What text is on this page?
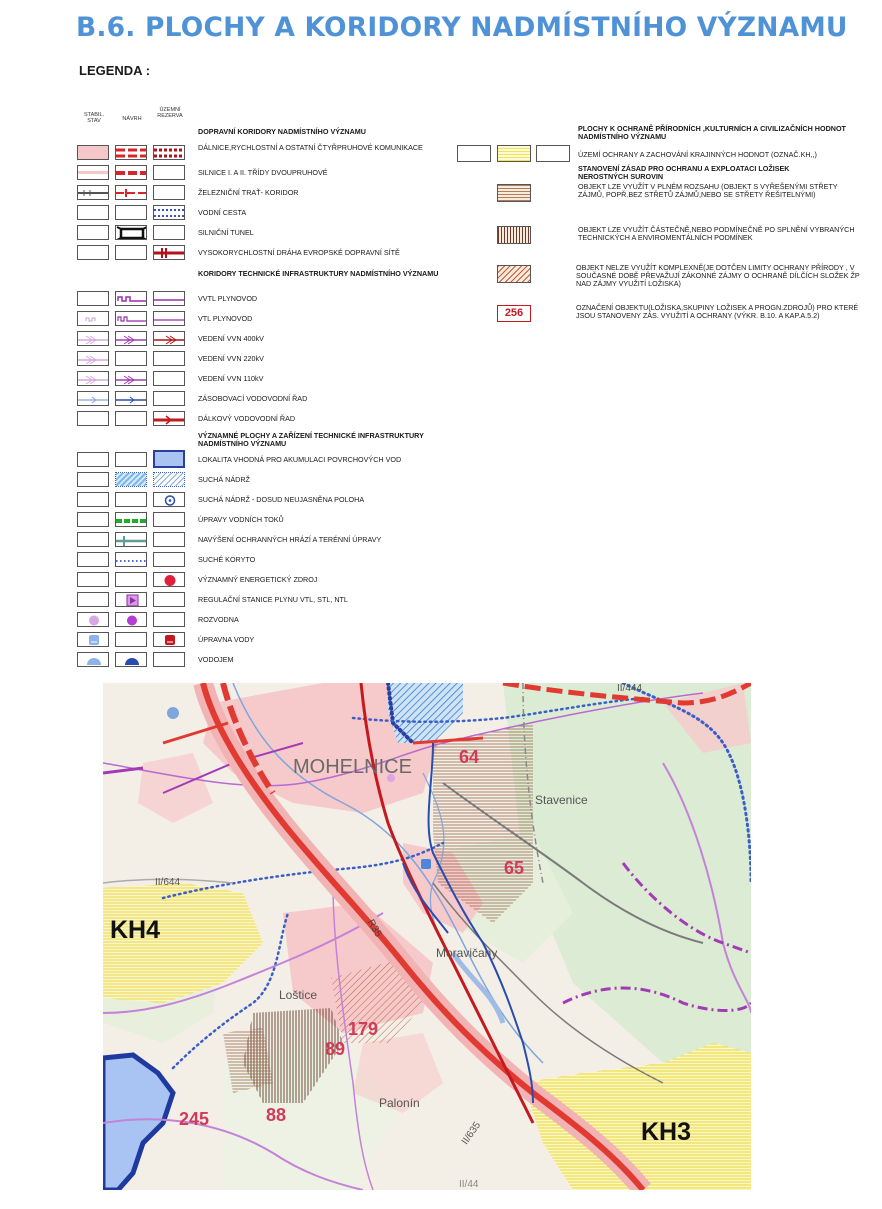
B.6. PLOCHY A KORIDORY NADMÍSTNÍHO VÝZNAMU
LEGENDA :
STABIL. STAV	NÁVRH
ÚZEMNÍ REZERVA
DOPRAVNÍ KORIDORY NADMÍSTNÍHO VÝZNAMU
KORIDORY TECHNICKÉ INFRASTRUKTURY NADMÍSTNÍHO VÝZNAMU
VÝZNAMNÉ PLOCHY A ZAŘÍZENÍ TECHNICKÉ INFRASTRUKTURY NADMÍSTNÍHO VÝZNAMU
DÁLNICE,RYCHLOSTNÍ A OSTATNÍ ČTYŘPRUHOVÉ KOMUNIKACE
SILNICE I. A II. TŘÍDY DVOUPRUHOVÉ
ŽELEZNIČNÍ TRAŤ- KORIDOR
VODNÍ CESTA
SILNIČNÍ TUNEL
VYSOKORYCHLOSTNÍ DRÁHA EVROPSKÉ DOPRAVNÍ SÍTĚ
VVTL PLYNOVOD
VTL PLYNOVOD
VEDENÍ VVN 400kV
VEDENÍ VVN 220kV
VEDENÍ VVN 110kV
ZÁSOBOVACÍ VODOVODNÍ ŘAD
DÁLKOVÝ VODOVODNÍ ŘAD
LOKALITA VHODNÁ PRO AKUMULACI POVRCHOVÝCH VOD
SUCHÁ NÁDRŽ
SUCHÁ NÁDRŽ - DOSUD NEUJASNĚNA POLOHA
ÚPRAVY VODNÍCH TOKŮ
NAVÝŠENÍ OCHRANNÝCH HRÁZÍ A TERÉNNÍ ÚPRAVY
SUCHÉ KORYTO
VÝZNAMNÝ ENERGETICKÝ ZDROJ
REGULAČNÍ STANICE PLYNU VTL, STL, NTL
ROZVODNA
ÚPRAVNA VODY
VODOJEM
PLOCHY K OCHRANĚ PŘÍRODNÍCH ,KULTURNÍCH A CIVILIZAČNÍCH HODNOT NADMÍSTNÍHO VÝZNAMU
ÚZEMÍ OCHRANY A ZACHOVÁNÍ KRAJINNÝCH HODNOT (OZNAČ.KH,,)
STANOVENÍ ZÁSAD PRO OCHRANU A EXPLOATACI LOŽISEK NEROSTNÝCH SUROVIN
OBJEKT LZE VYUŽÍT V PLNÉM ROZSAHU (OBJEKT S VYŘEŠENÝMI STŘETY ZÁJMŮ, POPŘ.BEZ STŘETŮ ZÁJMŮ,NEBO SE STŘETY ŘEŠITELNÝMI)
OBJEKT LZE VYUŽÍT ČÁSTEČNĚ,NEBO PODMÍNEČNĚ PO SPLNĚNÍ VYBRANÝCH TECHNICKÝCH A ENVIROMENTÁLNÍCH PODMÍNEK
OBJEKT NELZE VYUŽÍT KOMPLEXNĚ(JE DOTČEN LIMITY OCHRANY PŘÍRODY , V SOUČASNÉ DOBĚ PŘEVAŽUJÍ ZÁKONNÉ ZÁJMY O OCHRANĚ DÍLČÍCH SLOŽEK ŽP NAD ZÁJMY VYUŽITÍ LOŽISKA)
256	OZNAČENÍ OBJEKTU(LOŽISKA,SKUPINY LOŽISEK A PROGN.ZDROJŮ) PRO KTERÉ JSOU STANOVENY ZÁS. VYUŽITÍ A OCHRANY (VÝKR. B.10. A KAP.A.5.2)
MOHELNICE
Stavenice
Moravičany
Loštice
Palonín
R35
II/444
II/644
II/635
II/44
64
65
179
89
88
245
KH4
KH3
